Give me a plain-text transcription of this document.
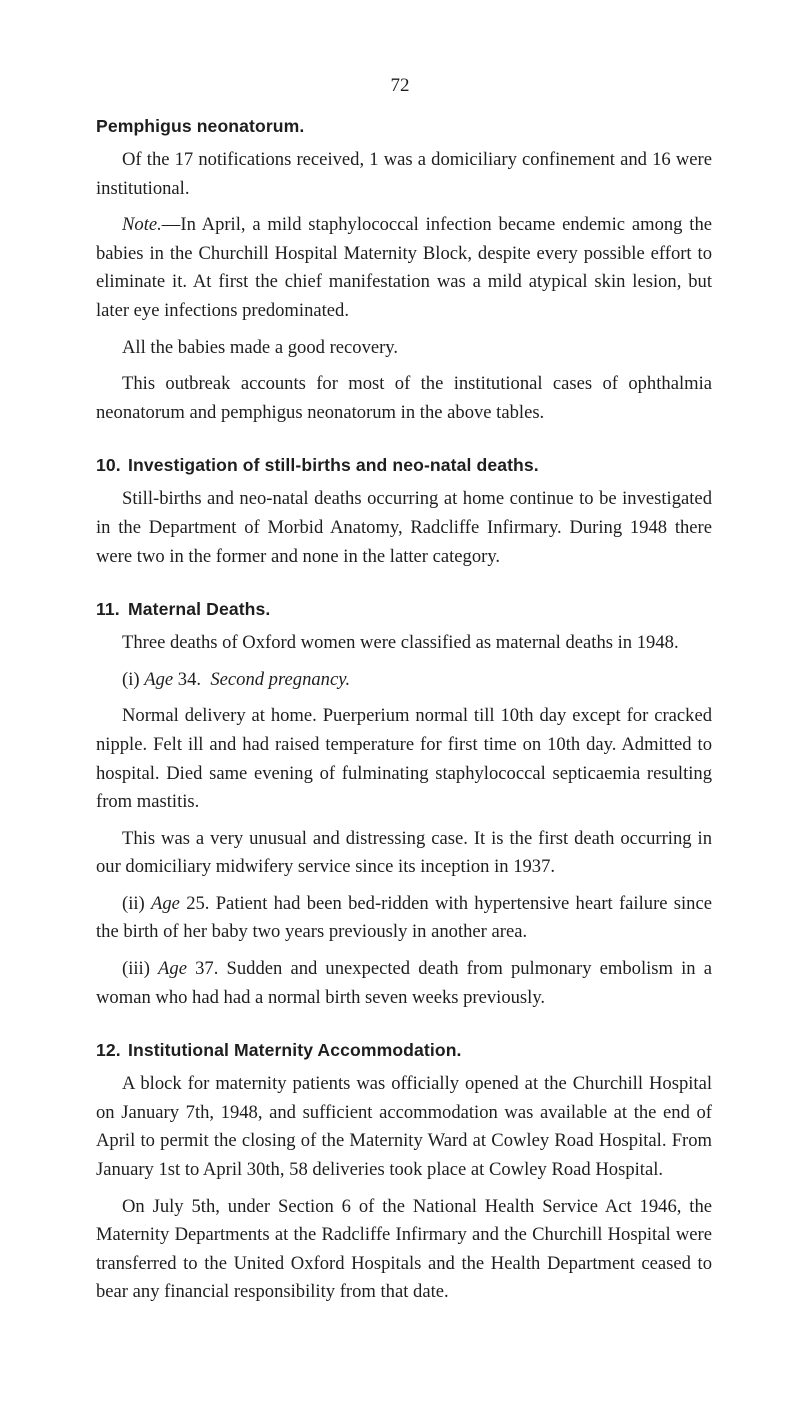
72
Pemphigus neonatorum.

Of the 17 notifications received, 1 was a domiciliary confinement and 16 were institutional.

Note.—In April, a mild staphylococcal infection became endemic among the babies in the Churchill Hospital Maternity Block, despite every possible effort to eliminate it. At first the chief manifestation was a mild atypical skin lesion, but later eye infections predominated.

All the babies made a good recovery.

This outbreak accounts for most of the institutional cases of ophthalmia neonatorum and pemphigus neonatorum in the above tables.

10. Investigation of still-births and neo-natal deaths.

Still-births and neo-natal deaths occurring at home continue to be investigated in the Department of Morbid Anatomy, Radcliffe Infirmary. During 1948 there were two in the former and none in the latter category.

11. Maternal Deaths.

Three deaths of Oxford women were classified as maternal deaths in 1948.

(i) Age 34. Second pregnancy.

Normal delivery at home. Puerperium normal till 10th day except for cracked nipple. Felt ill and had raised temperature for first time on 10th day. Admitted to hospital. Died same evening of fulminating staphylococcal septicaemia resulting from mastitis.

This was a very unusual and distressing case. It is the first death occurring in our domiciliary midwifery service since its inception in 1937.

(ii) Age 25. Patient had been bed-ridden with hypertensive heart failure since the birth of her baby two years previously in another area.

(iii) Age 37. Sudden and unexpected death from pulmonary embolism in a woman who had had a normal birth seven weeks previously.

12. Institutional Maternity Accommodation.

A block for maternity patients was officially opened at the Churchill Hospital on January 7th, 1948, and sufficient accommodation was available at the end of April to permit the closing of the Maternity Ward at Cowley Road Hospital. From January 1st to April 30th, 58 deliveries took place at Cowley Road Hospital.

On July 5th, under Section 6 of the National Health Service Act 1946, the Maternity Departments at the Radcliffe Infirmary and the Churchill Hospital were transferred to the United Oxford Hospitals and the Health Department ceased to bear any financial responsibility from that date.
